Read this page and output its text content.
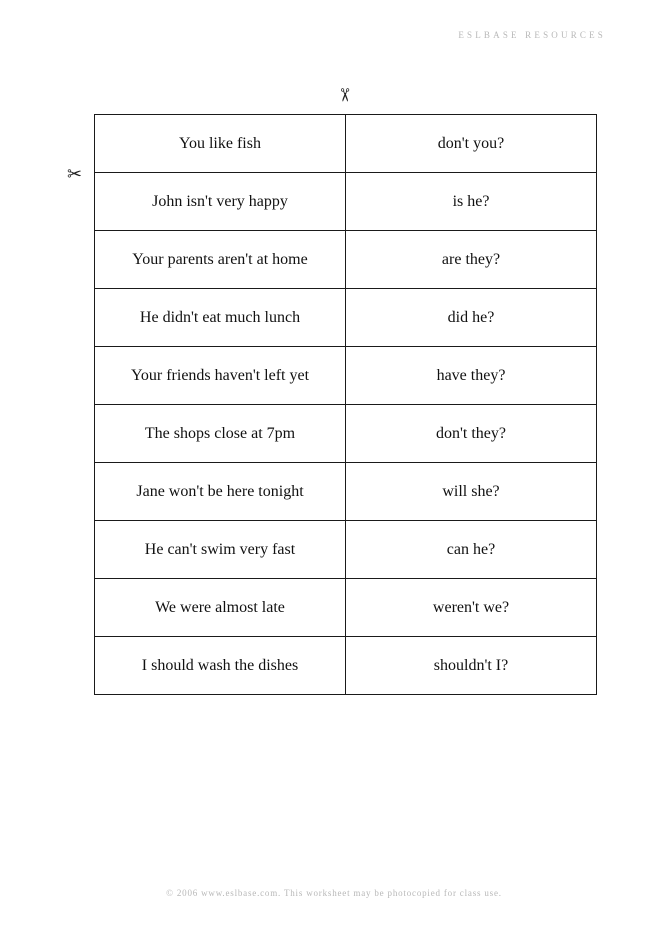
ESLBASE RESOURCES
✂
✂
You like fish	don't you?
John isn't very happy	is he?
Your parents aren't at home	are they?
He didn't eat much lunch	did he?
Your friends haven't left yet	have they?
The shops close at 7pm	don't they?
Jane won't be here tonight	will she?
He can't swim very fast	can he?
We were almost late	weren't we?
I should wash the dishes	shouldn't I?
© 2006 www.eslbase.com. This worksheet may be photocopied for class use.
